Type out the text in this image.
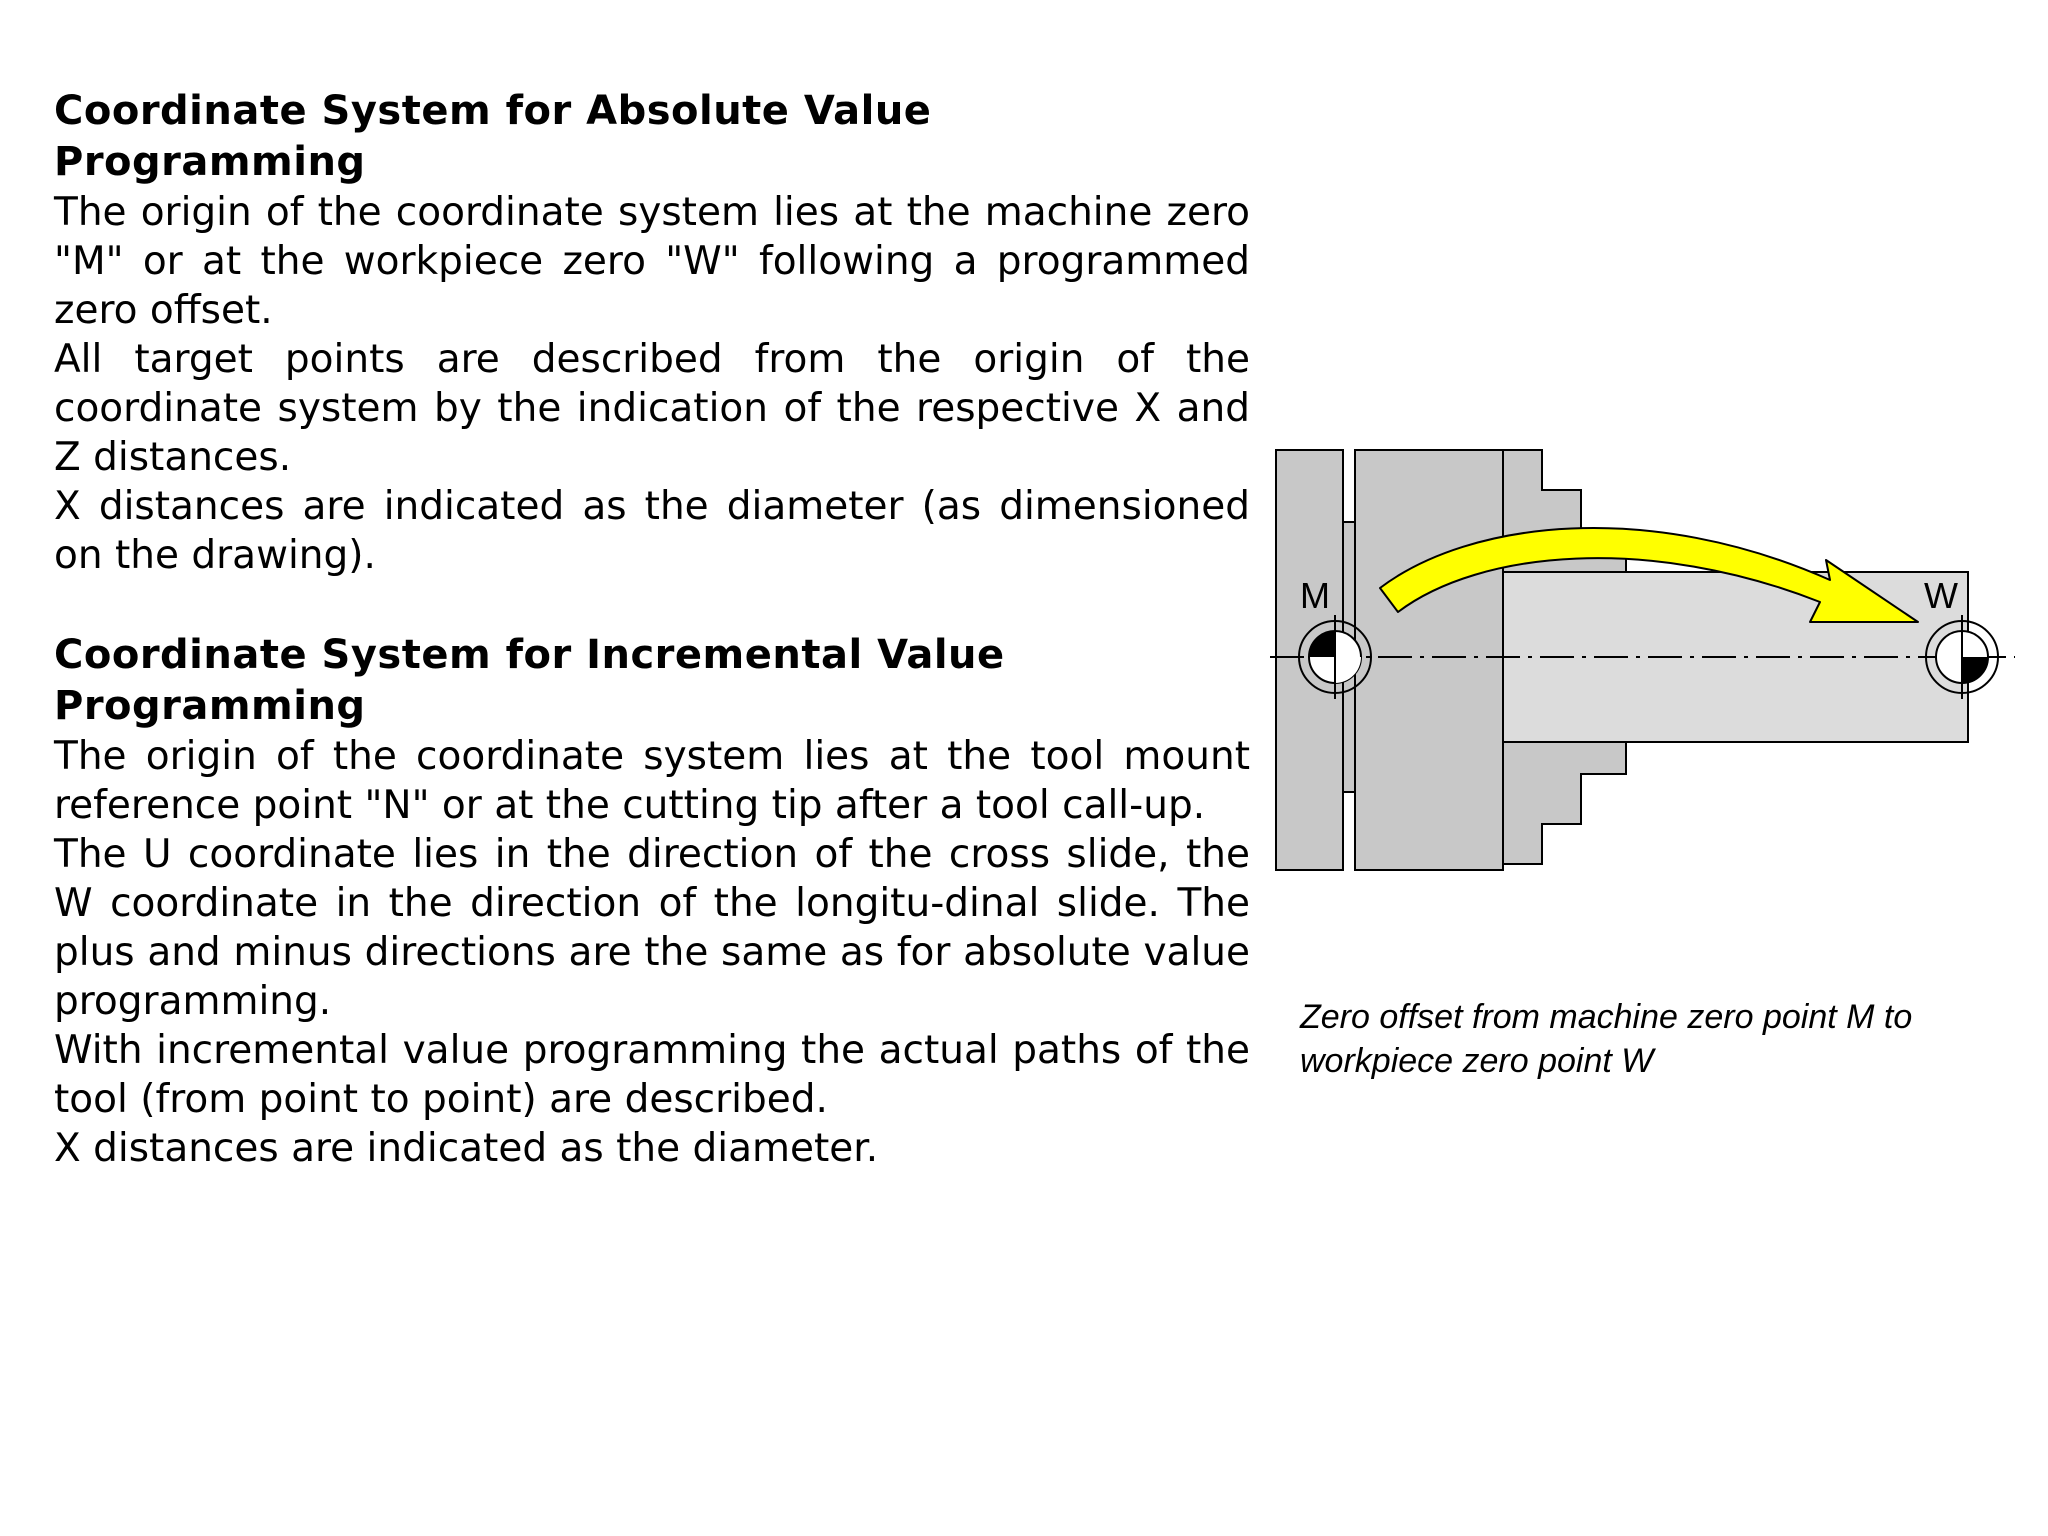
Coordinate System for Absolute Value
Programming

The origin of the coordinate system lies at the machine zero "M" or at the workpiece zero "W" following a programmed zero offset.

All target points are described from the origin of the coordinate system by the indication of the respective X and Z distances.

X distances are indicated as the diameter (as dimensioned on the drawing).

Coordinate System for Incremental Value
Programming

The origin of the coordinate system lies at the tool mount reference point "N" or at the cutting tip after a tool call-up.

The U coordinate lies in the direction of the cross slide, the W coordinate in the direction of the longitu-dinal slide. The plus and minus directions are the same as for absolute value programming.

With incremental value programming the actual paths of the tool (from point to point) are described.

X distances are indicated as the diameter.

M	W
Zero offset from machine zero point M to
workpiece zero point W
